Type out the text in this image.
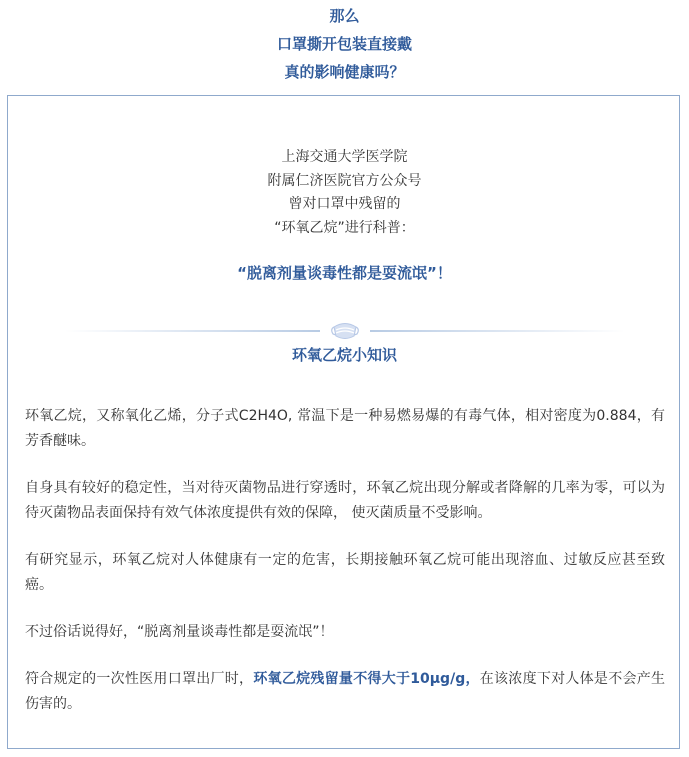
那么
口罩撕开包装直接戴
真的影响健康吗？
上海交通大学医学院
附属仁济医院官方公众号
曾对口罩中残留的
“环氧乙烷”进行科普：
“脱离剂量谈毒性都是耍流氓”！
环氧乙烷小知识

环氧乙烷，又称氧化乙烯，分子式C2H4O, 常温下是一种易燃易爆的有毒气体，相对密度为0.884，有芳香醚味。

自身具有较好的稳定性，当对待灭菌物品进行穿透时，环氧乙烷出现分解或者降解的几率为零，可以为待灭菌物品表面保持有效气体浓度提供有效的保障， 使灭菌质量不受影响。

有研究显示，环氧乙烷对人体健康有一定的危害，长期接触环氧乙烷可能出现溶血、过敏反应甚至致癌。

不过俗话说得好，“脱离剂量谈毒性都是耍流氓”！

符合规定的一次性医用口罩出厂时，环氧乙烷残留量不得大于10μg/g，在该浓度下对人体是不会产生伤害的。
